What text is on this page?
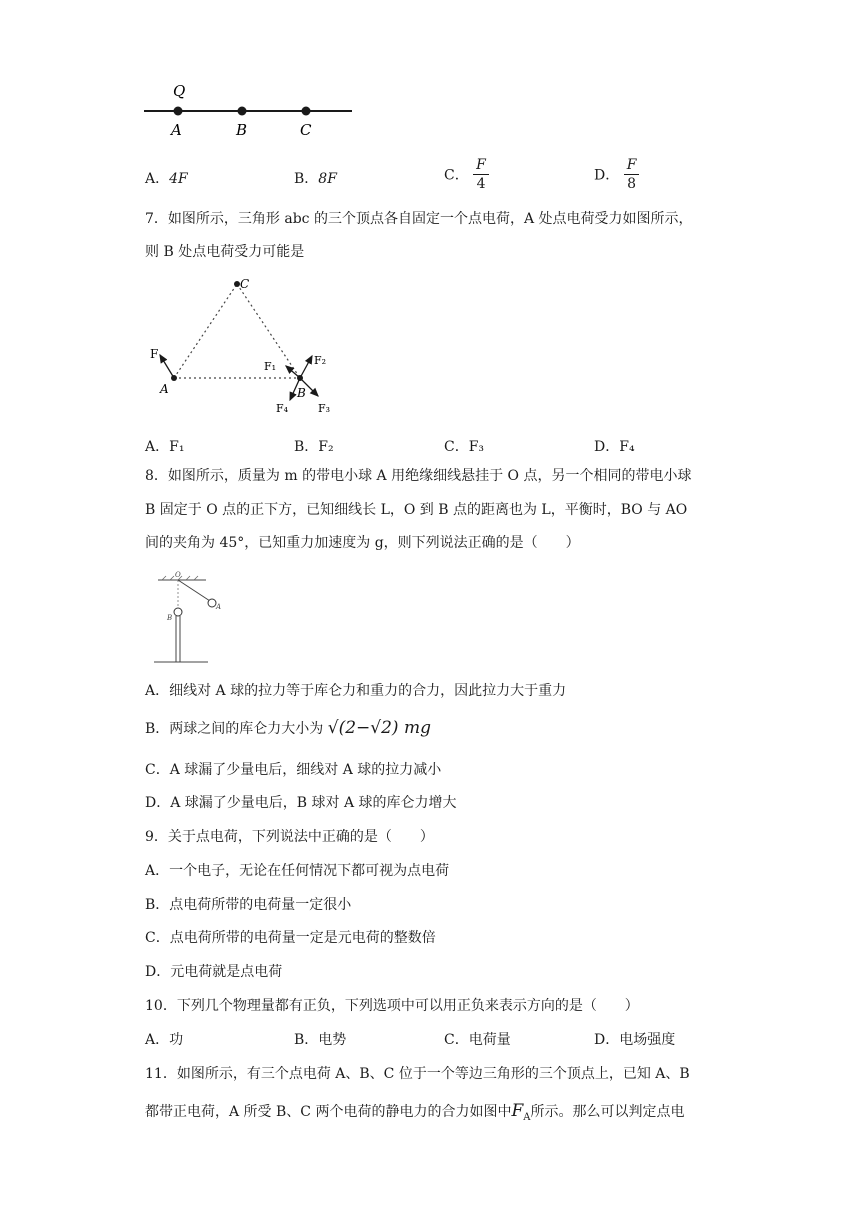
Q
A	B	C
A．4F	B．8F	C． $\frac{F}{4}$	D． $\frac{F}{8}$
7．如图所示，三角形 abc 的三个顶点各自固定一个点电荷，A 处点电荷受力如图所示，
则 B 处点电荷受力可能是
C
A	B
F
F₁	F₂
F₃
F₄
A．F₁	B．F₂	C．F₃	D．F₄
8．如图所示，质量为 m 的带电小球 A 用绝缘细线悬挂于 O 点，另一个相同的带电小球
B 固定于 O 点的正下方，已知细线长 L，O 到 B 点的距离也为 L，平衡时，BO 与 AO
间的夹角为 45°，已知重力加速度为 g，则下列说法正确的是（　　）
O
A
B
A．细线对 A 球的拉力等于库仑力和重力的合力，因此拉力大于重力
B．两球之间的库仑力大小为 √(2−√2) mg
C．A 球漏了少量电后，细线对 A 球的拉力减小
D．A 球漏了少量电后，B 球对 A 球的库仑力增大
9．关于点电荷，下列说法中正确的是（　　）
A．一个电子，无论在任何情况下都可视为点电荷
B．点电荷所带的电荷量一定很小
C．点电荷所带的电荷量一定是元电荷的整数倍
D．元电荷就是点电荷
10．下列几个物理量都有正负，下列选项中可以用正负来表示方向的是（　　）
A．功	B．电势	C．电荷量	D．电场强度
11．如图所示，有三个点电荷 A、B、C 位于一个等边三角形的三个顶点上，已知 A、B
都带正电荷，A 所受 B、C 两个电荷的静电力的合力如图中$F_A$所示。那么可以判定点电
